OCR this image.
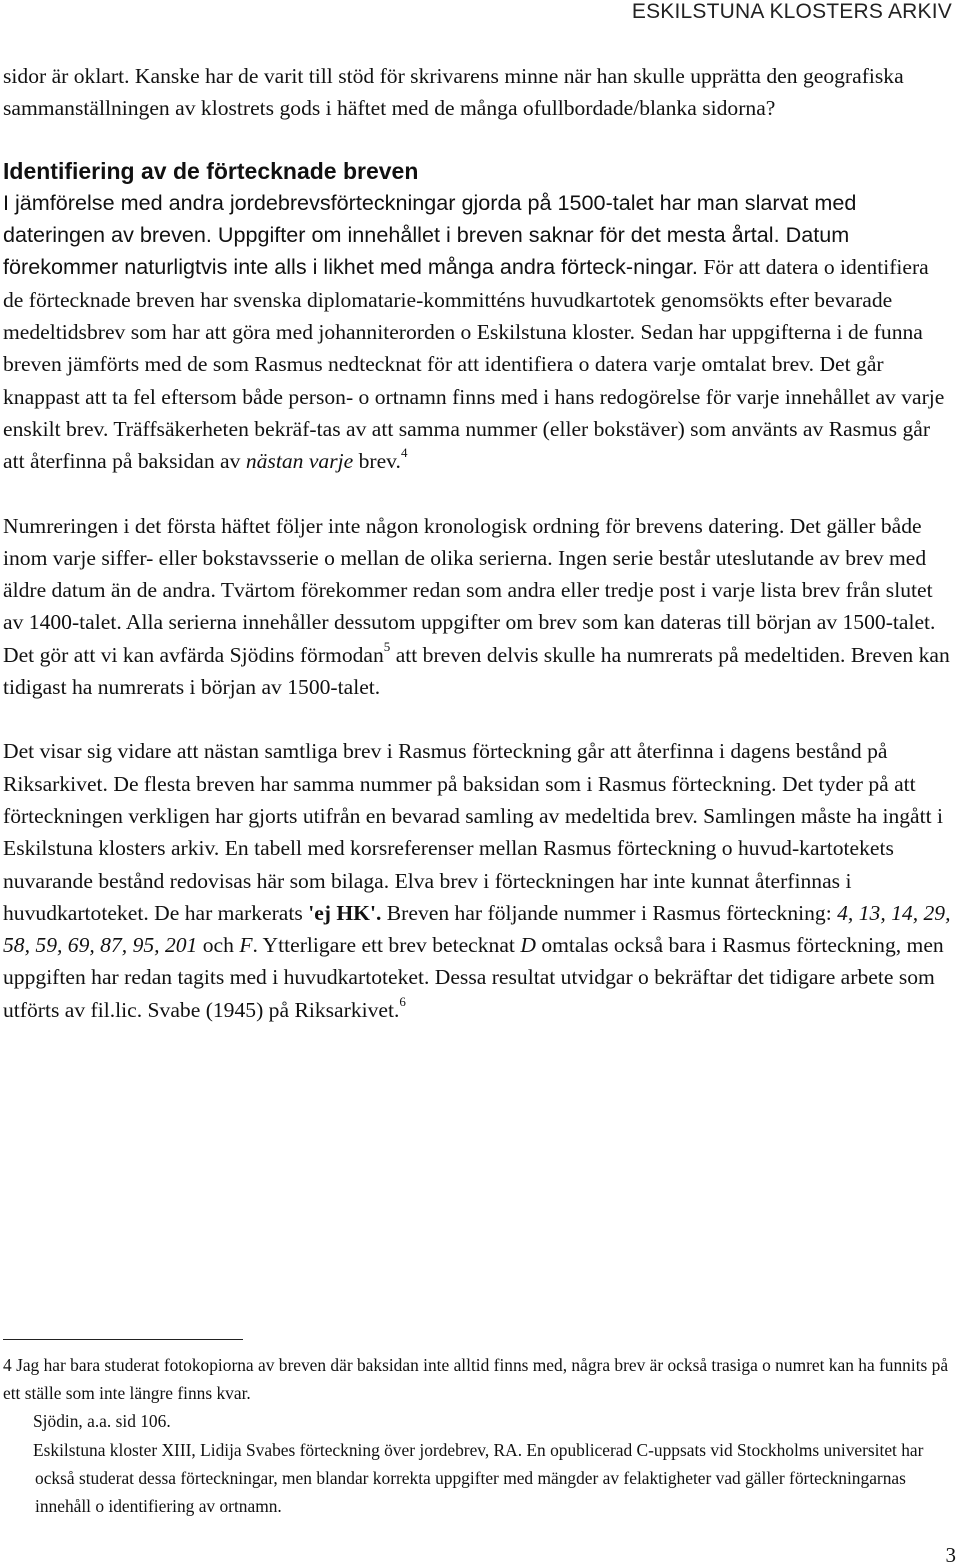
ESKILSTUNA KLOSTERS ARKIV

sidor är oklart. Kanske har de varit till stöd för skrivarens minne när han skulle upprätta den geografiska sammanställningen av klostrets gods i häftet med de många ofullbordade/blanka sidorna?

Identifiering av de förtecknade breven

I jämförelse med andra jordebrevsförteckningar gjorda på 1500-talet har man slarvat med dateringen av breven. Uppgifter om innehållet i breven saknar för det mesta årtal. Datum förekommer naturligtvis inte alls i likhet med många andra förteck-ningar. För att datera o identifiera de förtecknade breven har svenska diplomatarie-kommitténs huvudkartotek genomsökts efter bevarade medeltidsbrev som har att göra med johanniterorden o Eskilstuna kloster. Sedan har uppgifterna i de funna breven jämförts med de som Rasmus nedtecknat för att identifiera o datera varje omtalat brev. Det går knappast att ta fel eftersom både person- o ortnamn finns med i hans redogörelse för varje innehållet av varje enskilt brev. Träffsäkerheten bekräf-tas av att samma nummer (eller bokstäver) som använts av Rasmus går att återfinna på baksidan av nästan varje brev.$^4$

Numreringen i det första häftet följer inte någon kronologisk ordning för brevens datering. Det gäller både inom varje siffer- eller bokstavsserie o mellan de olika serierna. Ingen serie består uteslutande av brev med äldre datum än de andra. Tvärtom förekommer redan som andra eller tredje post i varje lista brev från slutet av 1400-talet. Alla serierna innehåller dessutom uppgifter om brev som kan dateras till början av 1500-talet. Det gör att vi kan avfärda Sjödins förmodan$^5$ att breven delvis skulle ha numrerats på medeltiden. Breven kan tidigast ha numrerats i början av 1500-talet.

Det visar sig vidare att nästan samtliga brev i Rasmus förteckning går att återfinna i dagens bestånd på Riksarkivet. De flesta breven har samma nummer på baksidan som i Rasmus förteckning. Det tyder på att förteckningen verkligen har gjorts utifrån en bevarad samling av medeltida brev. Samlingen måste ha ingått i Eskilstuna klosters arkiv. En tabell med korsreferenser mellan Rasmus förteckning o huvud-kartotekets nuvarande bestånd redovisas här som bilaga. Elva brev i förteckningen har inte kunnat återfinnas i huvudkartoteket. De har markerats 'ej HK'. Breven har följande nummer i Rasmus förteckning: 4, 13, 14, 29, 58, 59, 69, 87, 95, 201 och F. Ytterligare ett brev betecknat D omtalas också bara i Rasmus förteckning, men uppgiften har redan tagits med i huvudkartoteket. Dessa resultat utvidgar o bekräftar det tidigare arbete som utförts av fil.lic. Svabe (1945) på Riksarkivet.$^6$

4 Jag har bara studerat fotokopiorna av breven där baksidan inte alltid finns med, några brev är också trasiga o numret kan ha funnits på ett ställe som inte längre finns kvar.

Sjödin, a.a. sid 106.

Eskilstuna kloster XIII, Lidija Svabes förteckning över jordebrev, RA. En opublicerad C-uppsats vid Stockholms universitet har också studerat dessa förteckningar, men blandar korrekta uppgifter med mängder av felaktigheter vad gäller förteckningarnas innehåll o identifiering av ortnamn.

3
